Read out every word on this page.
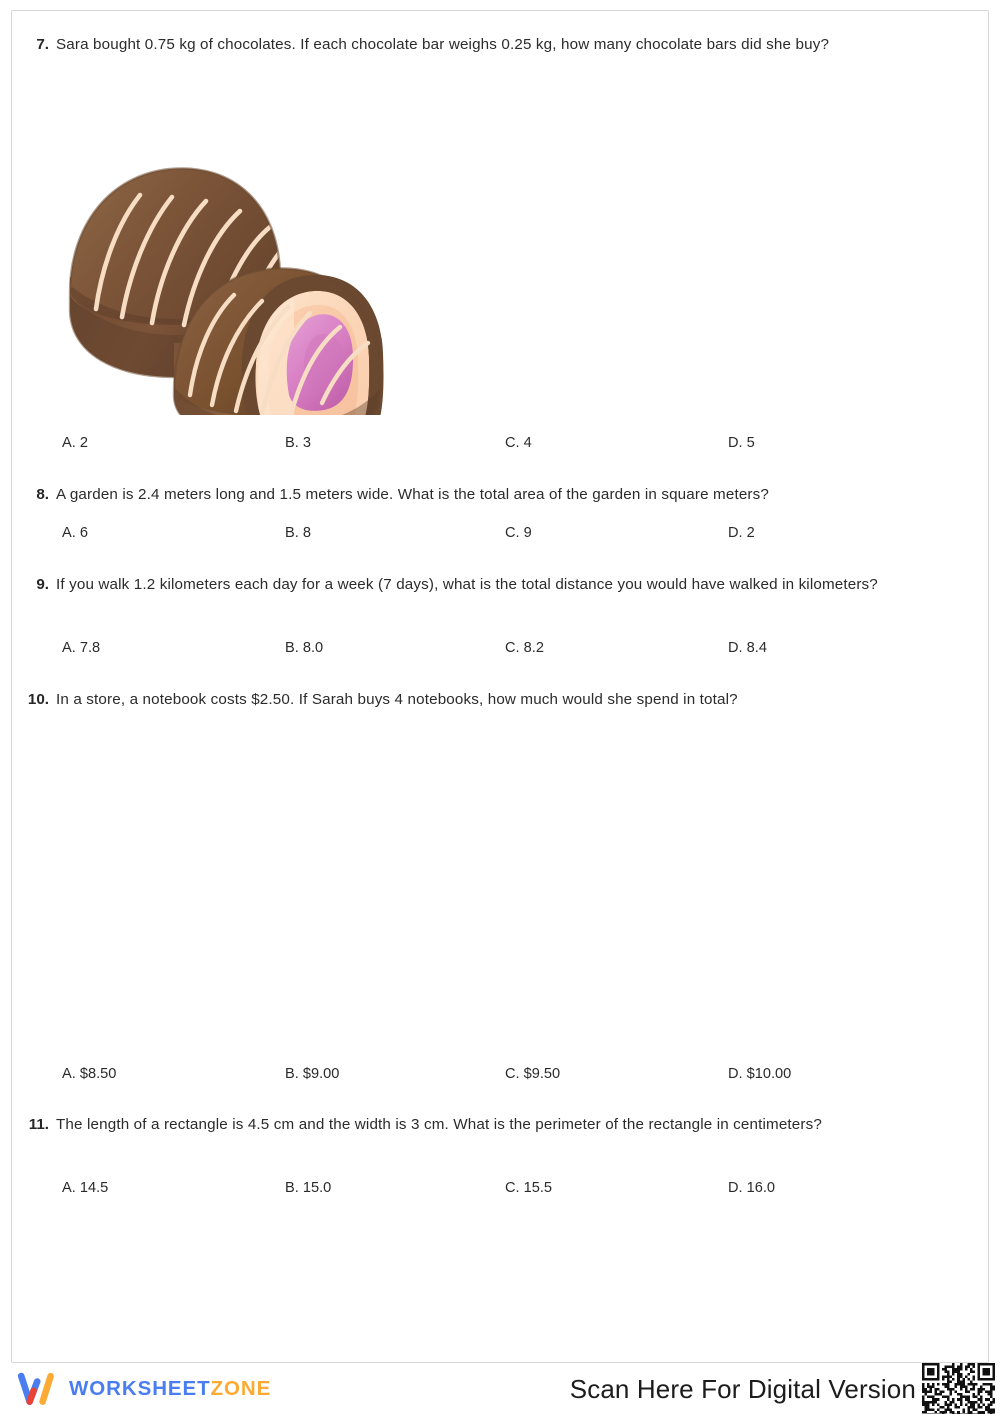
7. Sara bought 0.75 kg of chocolates. If each chocolate bar weighs 0.25 kg, how many chocolate bars did she buy?
A. 2	B. 3	C. 4	D. 5
8. A garden is 2.4 meters long and 1.5 meters wide. What is the total area of the garden in square meters?
A. 6	B. 8	C. 9	D. 2
9. If you walk 1.2 kilometers each day for a week (7 days), what is the total distance you would have walked in kilometers?
A. 7.8	B. 8.0	C. 8.2	D. 8.4
10. In a store, a notebook costs $2.50. If Sarah buys 4 notebooks, how much would she spend in total?
A. $8.50	B. $9.00	C. $9.50	D. $10.00
11. The length of a rectangle is 4.5 cm and the width is 3 cm. What is the perimeter of the rectangle in centimeters?
A. 14.5	B. 15.0	C. 15.5	D. 16.0
WORKSHEETZONE	Scan Here For Digital Version
